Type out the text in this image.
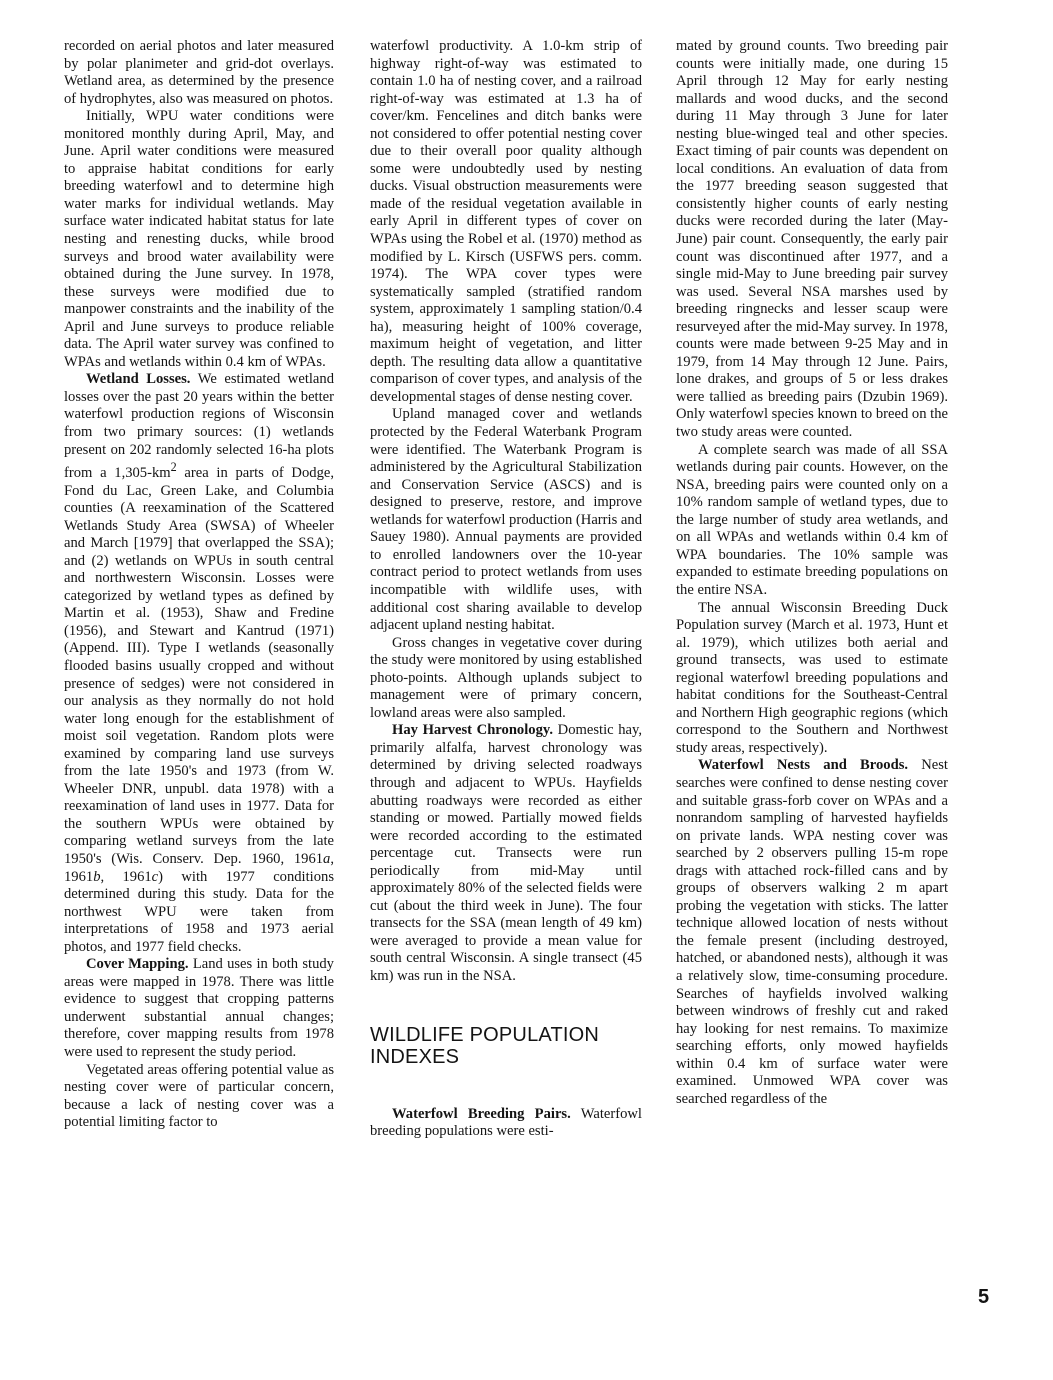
recorded on aerial photos and later measured by polar planimeter and grid-dot overlays. Wetland area, as determined by the presence of hydrophytes, also was measured on photos.

Initially, WPU water conditions were monitored monthly during April, May, and June. April water conditions were measured to appraise habitat conditions for early breeding waterfowl and to determine high water marks for individual wetlands. May surface water indicated habitat status for late nesting and renesting ducks, while brood surveys and brood water availability were obtained during the June survey. In 1978, these surveys were modified due to manpower constraints and the inability of the April and June surveys to produce reliable data. The April water survey was confined to WPAs and wetlands within 0.4 km of WPAs.

Wetland Losses. We estimated wetland losses over the past 20 years within the better waterfowl production regions of Wisconsin from two primary sources: (1) wetlands present on 202 randomly selected 16-ha plots from a $1,305-km^2$ area in parts of Dodge, Fond du Lac, Green Lake, and Columbia counties (A reexamination of the Scattered Wetlands Study Area (SWSA) of Wheeler and March [1979] that overlapped the SSA); and (2) wetlands on WPUs in south central and northwestern Wisconsin. Losses were categorized by wetland types as defined by Martin et al. (1953), Shaw and Fredine (1956), and Stewart and Kantrud (1971) (Append. III). Type I wetlands (seasonally flooded basins usually cropped and without presence of sedges) were not considered in our analysis as they normally do not hold water long enough for the establishment of moist soil vegetation. Random plots were examined by comparing land use surveys from the late 1950's and 1973 (from W. Wheeler DNR, unpubl. data 1978) with a reexamination of land uses in 1977. Data for the southern WPUs were obtained by comparing wetland surveys from the late 1950's (Wis. Conserv. Dep. 1960, 1961a, 1961b, 1961c) with 1977 conditions determined during this study. Data for the northwest WPU were taken from interpretations of 1958 and 1973 aerial photos, and 1977 field checks.

Cover Mapping. Land uses in both study areas were mapped in 1978. There was little evidence to suggest that cropping patterns underwent substantial annual changes; therefore, cover mapping results from 1978 were used to represent the study period.

Vegetated areas offering potential value as nesting cover were of particular concern, because a lack of nesting cover was a potential limiting factor to

waterfowl productivity. A 1.0-km strip of highway right-of-way was estimated to contain 1.0 ha of nesting cover, and a railroad right-of-way was estimated at 1.3 ha of cover/km. Fencelines and ditch banks were not considered to offer potential nesting cover due to their overall poor quality although some were undoubtedly used by nesting ducks. Visual obstruction measurements were made of the residual vegetation available in early April in different types of cover on WPAs using the Robel et al. (1970) method as modified by L. Kirsch (USFWS pers. comm. 1974). The WPA cover types were systematically sampled (stratified random system, approximately 1 sampling station/0.4 ha), measuring height of 100% coverage, maximum height of vegetation, and litter depth. The resulting data allow a quantitative comparison of cover types, and analysis of the developmental stages of dense nesting cover.

Upland managed cover and wetlands protected by the Federal Waterbank Program were identified. The Waterbank Program is administered by the Agricultural Stabilization and Conservation Service (ASCS) and is designed to preserve, restore, and improve wetlands for waterfowl production (Harris and Sauey 1980). Annual payments are provided to enrolled landowners over the 10-year contract period to protect wetlands from uses incompatible with wildlife uses, with additional cost sharing available to develop adjacent upland nesting habitat.

Gross changes in vegetative cover during the study were monitored by using established photo-points. Although uplands subject to management were of primary concern, lowland areas were also sampled.

Hay Harvest Chronology. Domestic hay, primarily alfalfa, harvest chronology was determined by driving selected roadways through and adjacent to WPUs. Hayfields abutting roadways were recorded as either standing or mowed. Partially mowed fields were recorded according to the estimated percentage cut. Transects were run periodically from mid-May until approximately 80% of the selected fields were cut (about the third week in June). The four transects for the SSA (mean length of 49 km) were averaged to provide a mean value for south central Wisconsin. A single transect (45 km) was run in the NSA.

WILDLIFE POPULATION INDEXES

Waterfowl Breeding Pairs. Waterfowl breeding populations were esti-

mated by ground counts. Two breeding pair counts were initially made, one during 15 April through 12 May for early nesting mallards and wood ducks, and the second during 11 May through 3 June for later nesting blue-winged teal and other species. Exact timing of pair counts was dependent on local conditions. An evaluation of data from the 1977 breeding season suggested that consistently higher counts of early nesting ducks were recorded during the later (May-June) pair count. Consequently, the early pair count was discontinued after 1977, and a single mid-May to June breeding pair survey was used. Several NSA marshes used by breeding ringnecks and lesser scaup were resurveyed after the mid-May survey. In 1978, counts were made between 9-25 May and in 1979, from 14 May through 12 June. Pairs, lone drakes, and groups of 5 or less drakes were tallied as breeding pairs (Dzubin 1969). Only waterfowl species known to breed on the two study areas were counted.

A complete search was made of all SSA wetlands during pair counts. However, on the NSA, breeding pairs were counted only on a 10% random sample of wetland types, due to the large number of study area wetlands, and on all WPAs and wetlands within 0.4 km of WPA boundaries. The 10% sample was expanded to estimate breeding populations on the entire NSA.

The annual Wisconsin Breeding Duck Population survey (March et al. 1973, Hunt et al. 1979), which utilizes both aerial and ground transects, was used to estimate regional waterfowl breeding populations and habitat conditions for the Southeast-Central and Northern High geographic regions (which correspond to the Southern and Northwest study areas, respectively).

Waterfowl Nests and Broods. Nest searches were confined to dense nesting cover and suitable grass-forb cover on WPAs and a nonrandom sampling of harvested hayfields on private lands. WPA nesting cover was searched by 2 observers pulling 15-m rope drags with attached rock-filled cans and by groups of observers walking 2 m apart probing the vegetation with sticks. The latter technique allowed location of nests without the female present (including destroyed, hatched, or abandoned nests), although it was a relatively slow, time-consuming procedure. Searches of hayfields involved walking between windrows of freshly cut and raked hay looking for nest remains. To maximize searching efforts, only mowed hayfields within 0.4 km of surface water were examined. Unmowed WPA cover was searched regardless of the

5
